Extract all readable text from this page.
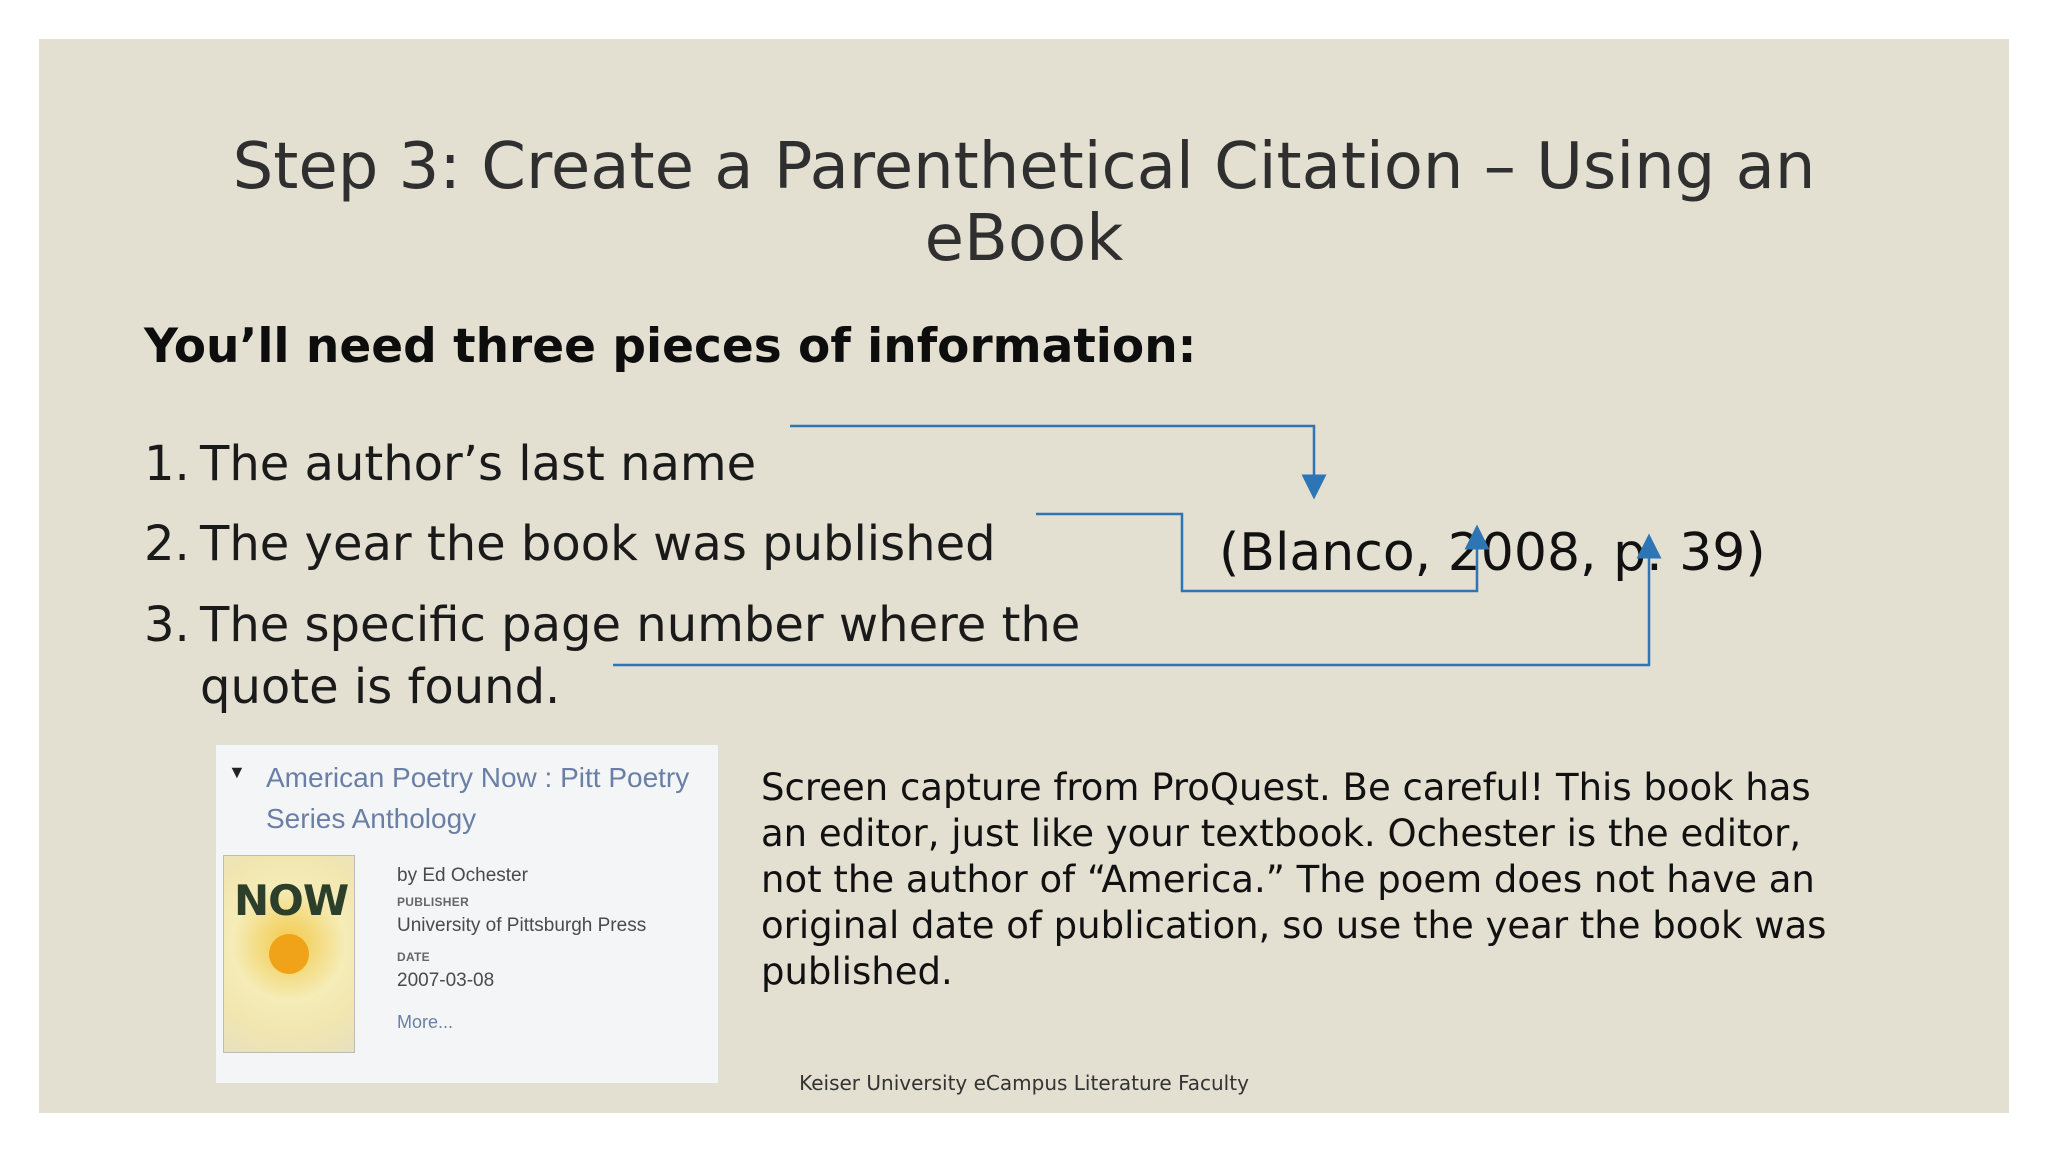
Step 3: Create a Parenthetical Citation – Using an
eBook
You’ll need three pieces of information:
1. The author’s last name
2. The year the book was published
3. The specific page number where the
quote is found.
(Blanco, 2008, p. 39)
▼ American Poetry Now : Pitt Poetry Series Anthology
NOW
by Ed Ochester
PUBLISHER
University of Pittsburgh Press
DATE
2007-03-08
More...
Screen capture from ProQuest. Be careful! This book has an editor, just like your textbook. Ochester is the editor, not the author of “America.” The poem does not have an original date of publication, so use the year the book was published.
Keiser University eCampus Literature Faculty
